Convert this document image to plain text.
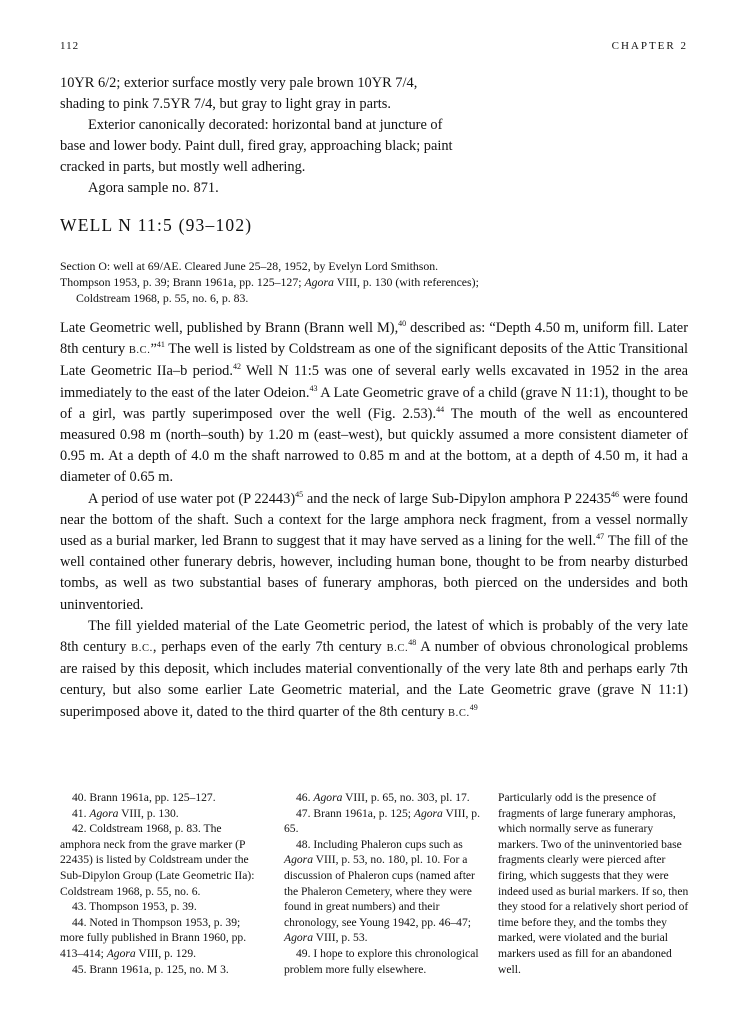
112	CHAPTER 2

10YR 6/2; exterior surface mostly very pale brown 10YR 7/4, shading to pink 7.5YR 7/4, but gray to light gray in parts.

Exterior canonically decorated: horizontal band at juncture of base and lower body. Paint dull, fired gray, approaching black; paint cracked in parts, but mostly well adhering.

Agora sample no. 871.

WELL N 11:5 (93–102)

Section O: well at 69/AE. Cleared June 25–28, 1952, by Evelyn Lord Smithson.

Thompson 1953, p. 39; Brann 1961a, pp. 125–127; Agora VIII, p. 130 (with references); Coldstream 1968, p. 55, no. 6, p. 83.

Late Geometric well, published by Brann (Brann well M),$^{40}$ described as: “Depth 4.50 m, uniform fill. Later 8th century B.C.”$^{41}$ The well is listed by Coldstream as one of the significant deposits of the Attic Transitional Late Geometric IIa–b period.$^{42}$ Well N 11:5 was one of several early wells excavated in 1952 in the area immediately to the east of the later Odeion.$^{43}$ A Late Geometric grave of a child (grave N 11:1), thought to be of a girl, was partly superimposed over the well (Fig. 2.53).$^{44}$ The mouth of the well as encountered measured 0.98 m (north–south) by 1.20 m (east–west), but quickly assumed a more consistent diameter of 0.95 m. At a depth of 4.0 m the shaft narrowed to 0.85 m and at the bottom, at a depth of 4.50 m, it had a diameter of 0.65 m.

A period of use water pot (P 22443)$^{45}$ and the neck of large Sub-Dipylon amphora P 22435$^{46}$ were found near the bottom of the shaft. Such a context for the large amphora neck fragment, from a vessel normally used as a burial marker, led Brann to suggest that it may have served as a lining for the well.$^{47}$ The fill of the well contained other funerary debris, however, including human bone, thought to be from nearby disturbed tombs, as well as two substantial bases of funerary amphoras, both pierced on the undersides and both uninventoried.

The fill yielded material of the Late Geometric period, the latest of which is probably of the very late 8th century B.C., perhaps even of the early 7th century B.C.$^{48}$ A number of obvious chronological problems are raised by this deposit, which includes material conventionally of the very late 8th and perhaps early 7th century, but also some earlier Late Geometric material, and the Late Geometric grave (grave N 11:1) superimposed above it, dated to the third quarter of the 8th century B.C.$^{49}$

40. Brann 1961a, pp. 125–127.

41. Agora VIII, p. 130.

42. Coldstream 1968, p. 83. The amphora neck from the grave marker (P 22435) is listed by Coldstream under the Sub-Dipylon Group (Late Geometric IIa): Coldstream 1968, p. 55, no. 6.

43. Thompson 1953, p. 39.

44. Noted in Thompson 1953, p. 39; more fully published in Brann 1960, pp. 413–414; Agora VIII, p. 129.

45. Brann 1961a, p. 125, no. M 3.

46. Agora VIII, p. 65, no. 303, pl. 17.

47. Brann 1961a, p. 125; Agora VIII, p. 65.

48. Including Phaleron cups such as Agora VIII, p. 53, no. 180, pl. 10. For a discussion of Phaleron cups (named after the Phaleron Cemetery, where they were found in great numbers) and their chronology, see Young 1942, pp. 46–47; Agora VIII, p. 53.

49. I hope to explore this chronological problem more fully elsewhere.

Particularly odd is the presence of fragments of large funerary amphoras, which normally serve as funerary markers. Two of the uninventoried base fragments clearly were pierced after firing, which suggests that they were indeed used as burial markers. If so, then they stood for a relatively short period of time before they, and the tombs they marked, were violated and the burial markers used as fill for an abandoned well.
